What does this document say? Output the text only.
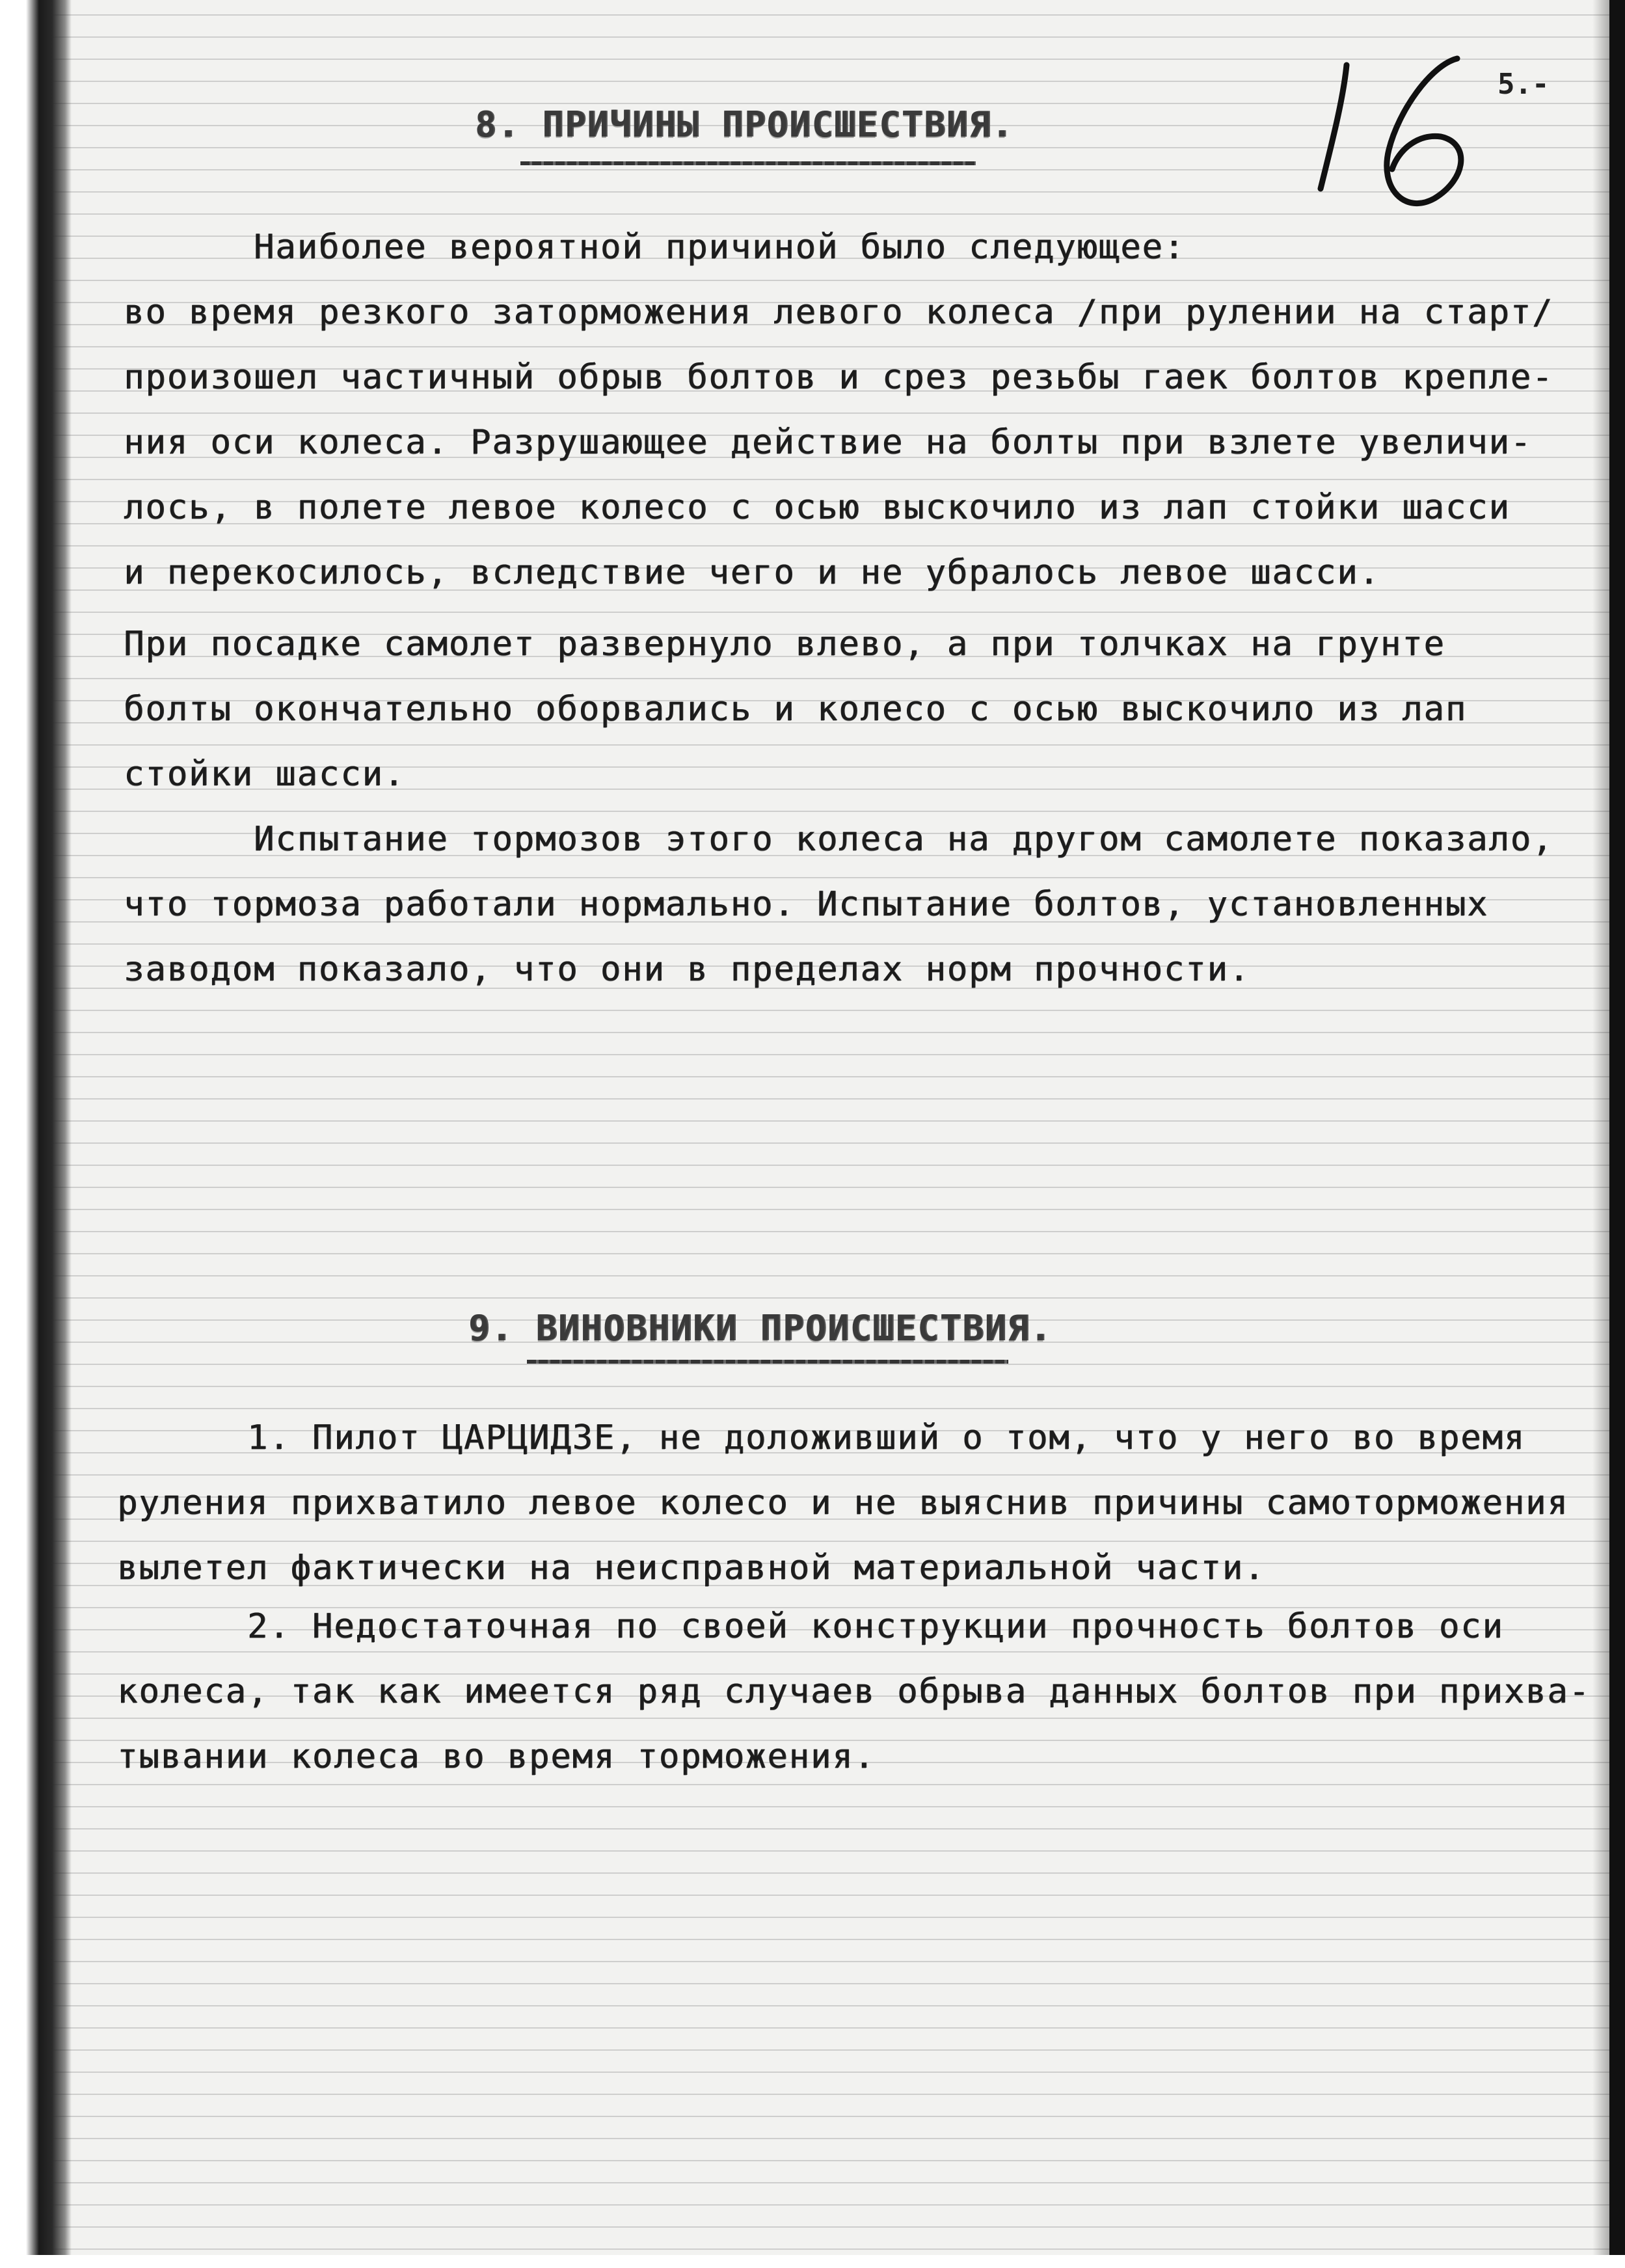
5.-
8. ПРИЧИНЫ ПРОИСШЕСТВИЯ.
Наиболее вероятной причиной было следующее:
во время резкого заторможения левого колеса /при рулении на старт/
произошел частичный обрыв болтов и срез резьбы гаек болтов крепле-
ния оси колеса. Разрушающее действие на болты при взлете увеличи-
лось, в полете левое колесо с осью выскочило из лап стойки шасси
и перекосилось, вследствие чего и не убралось левое шасси.
При посадке самолет развернуло влево, а при толчках на грунте
болты окончательно оборвались и колесо с осью выскочило из лап
стойки шасси.
Испытание тормозов этого колеса на другом самолете показало,
что тормоза работали нормально. Испытание болтов, установленных
заводом показало, что они в пределах норм прочности.
9. ВИНОВНИКИ ПРОИСШЕСТВИЯ.
1. Пилот ЦАРЦИДЗЕ, не доложивший о том, что у него во время
руления прихватило левое колесо и не выяснив причины самоторможения
вылетел фактически на неисправной материальной части.
2. Недостаточная по своей конструкции прочность болтов оси
колеса, так как имеется ряд случаев обрыва данных болтов при прихва-
тывании колеса во время торможения.
